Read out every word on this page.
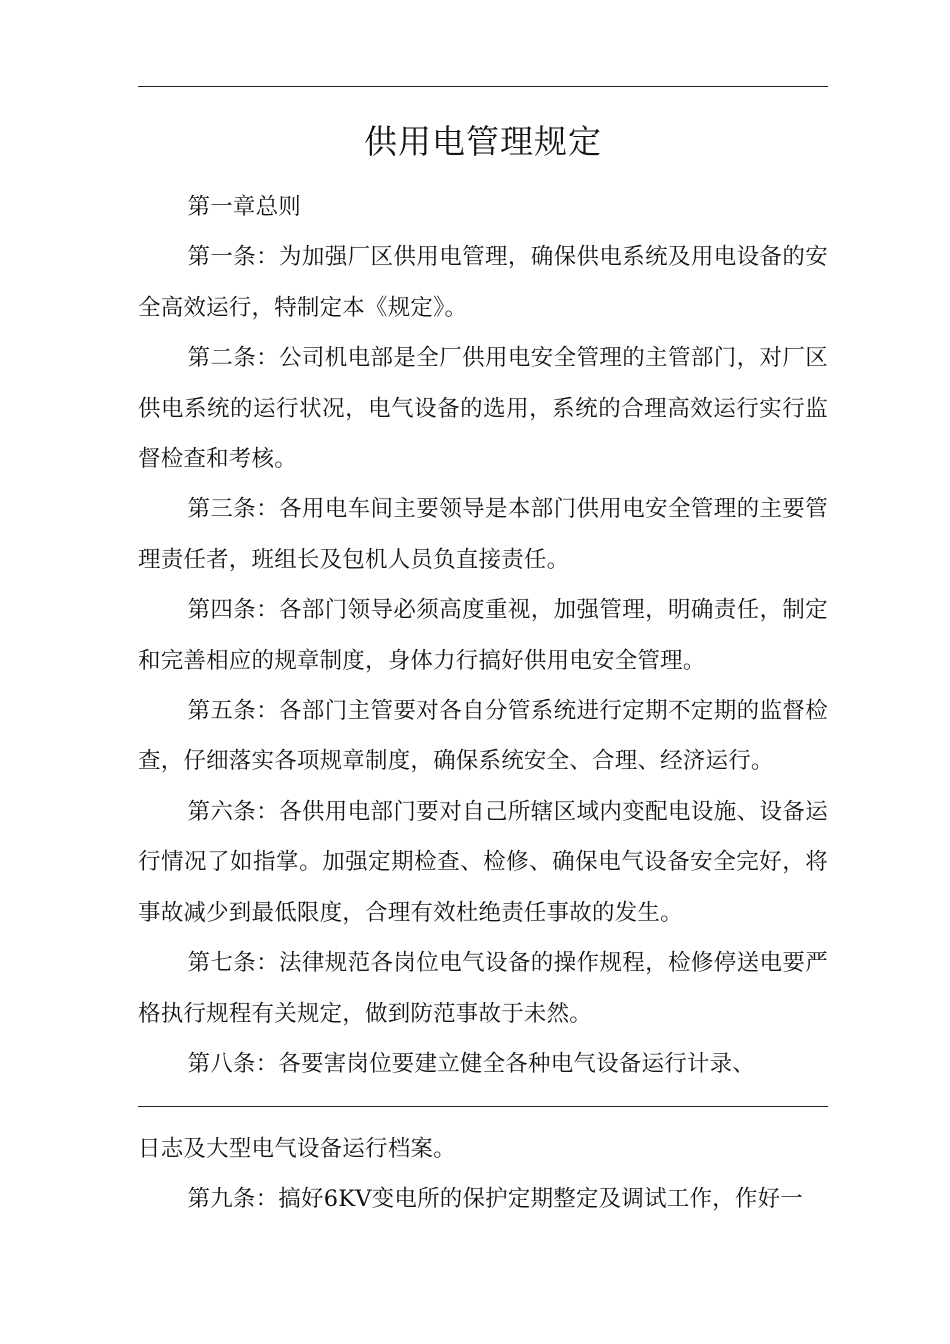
供用电管理规定

第一章总则

第一条：为加强厂区供用电管理，确保供电系统及用电设备的安全高效运行，特制定本《规定》。

第二条：公司机电部是全厂供用电安全管理的主管部门，对厂区供电系统的运行状况，电气设备的选用，系统的合理高效运行实行监督检查和考核。

第三条：各用电车间主要领导是本部门供用电安全管理的主要管理责任者，班组长及包机人员负直接责任。

第四条：各部门领导必须高度重视，加强管理，明确责任，制定和完善相应的规章制度，身体力行搞好供用电安全管理。

第五条：各部门主管要对各自分管系统进行定期不定期的监督检查，仔细落实各项规章制度，确保系统安全、合理、经济运行。

第六条：各供用电部门要对自己所辖区域内变配电设施、设备运行情况了如指掌。加强定期检查、检修、确保电气设备安全完好，将事故减少到最低限度，合理有效杜绝责任事故的发生。

第七条：法律规范各岗位电气设备的操作规程，检修停送电要严格执行规程有关规定，做到防范事故于未然。

第八条：各要害岗位要建立健全各种电气设备运行计录、

日志及大型电气设备运行档案。

第九条：搞好6KV变电所的保护定期整定及调试工作，作好一
